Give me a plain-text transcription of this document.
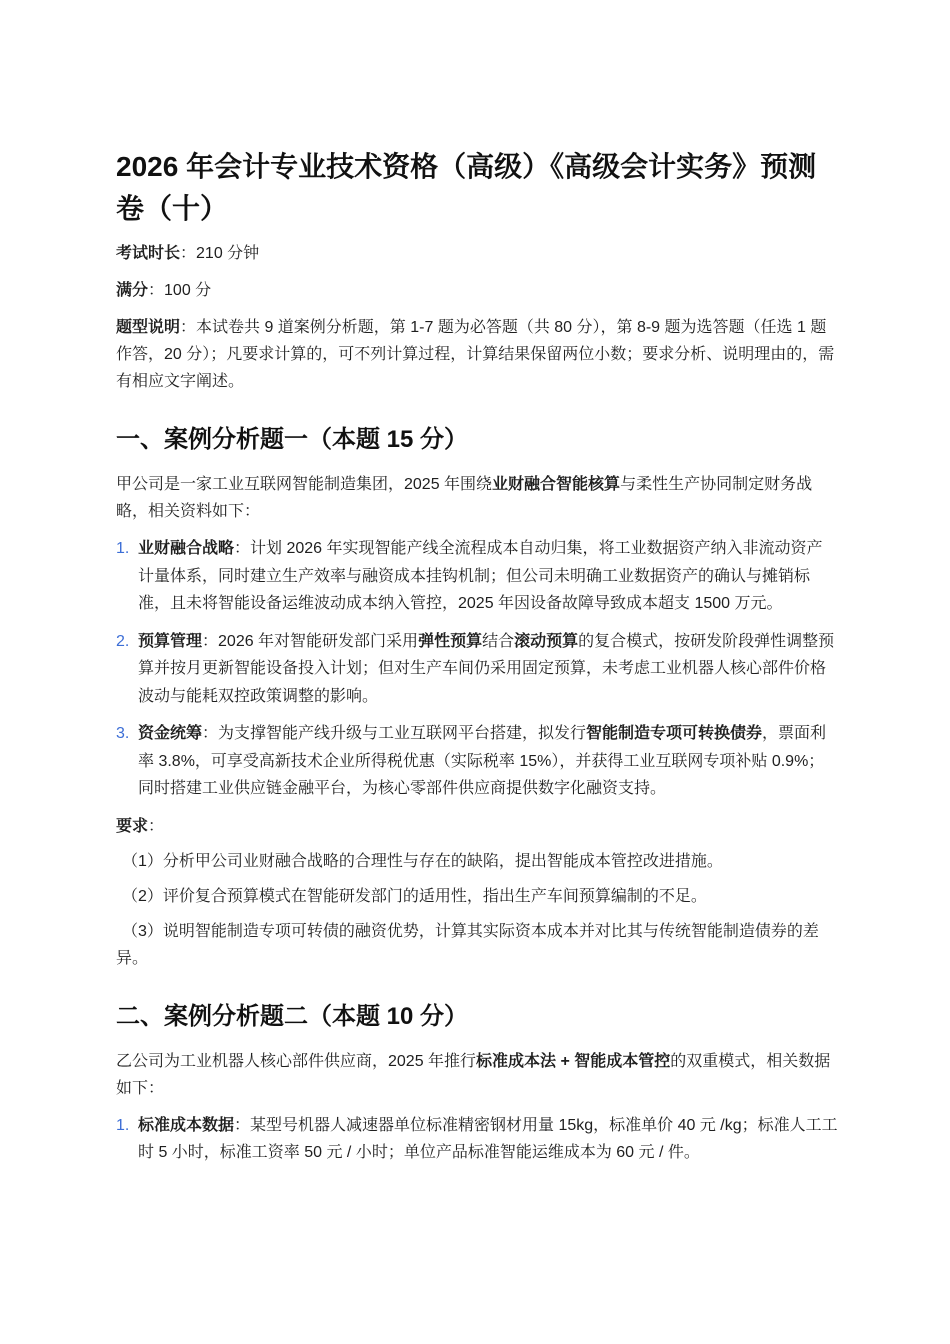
2026 年会计专业技术资格（高级）《高级会计实务》预测卷（十）

考试时长：210 分钟

满分：100 分

题型说明：本试卷共 9 道案例分析题，第 1-7 题为必答题（共 80 分），第 8-9 题为选答题（任选 1 题作答，20 分）；凡要求计算的，可不列计算过程，计算结果保留两位小数；要求分析、说明理由的，需有相应文字阐述。

一、案例分析题一（本题 15 分）

甲公司是一家工业互联网智能制造集团，2025 年围绕业财融合智能核算与柔性生产协同制定财务战略，相关资料如下：

1. 业财融合战略：计划 2026 年实现智能产线全流程成本自动归集，将工业数据资产纳入非流动资产计量体系，同时建立生产效率与融资成本挂钩机制；但公司未明确工业数据资产的确认与摊销标准，且未将智能设备运维波动成本纳入管控，2025 年因设备故障导致成本超支 1500 万元。
2. 预算管理：2026 年对智能研发部门采用弹性预算结合滚动预算的复合模式，按研发阶段弹性调整预算并按月更新智能设备投入计划；但对生产车间仍采用固定预算，未考虑工业机器人核心部件价格波动与能耗双控政策调整的影响。
3. 资金统筹：为支撑智能产线升级与工业互联网平台搭建，拟发行智能制造专项可转换债券，票面利率 3.8%，可享受高新技术企业所得税优惠（实际税率 15%），并获得工业互联网专项补贴 0.9%；同时搭建工业供应链金融平台，为核心零部件供应商提供数字化融资支持。

要求：

（1）分析甲公司业财融合战略的合理性与存在的缺陷，提出智能成本管控改进措施。

（2）评价复合预算模式在智能研发部门的适用性，指出生产车间预算编制的不足。

（3）说明智能制造专项可转债的融资优势，计算其实际资本成本并对比其与传统智能制造债券的差异。

二、案例分析题二（本题 10 分）

乙公司为工业机器人核心部件供应商，2025 年推行标准成本法 + 智能成本管控的双重模式，相关数据如下：

1. 标准成本数据：某型号机器人减速器单位标准精密钢材用量 15kg，标准单价 40 元 /kg；标准人工工时 5 小时，标准工资率 50 元 / 小时；单位产品标准智能运维成本为 60 元 / 件。
